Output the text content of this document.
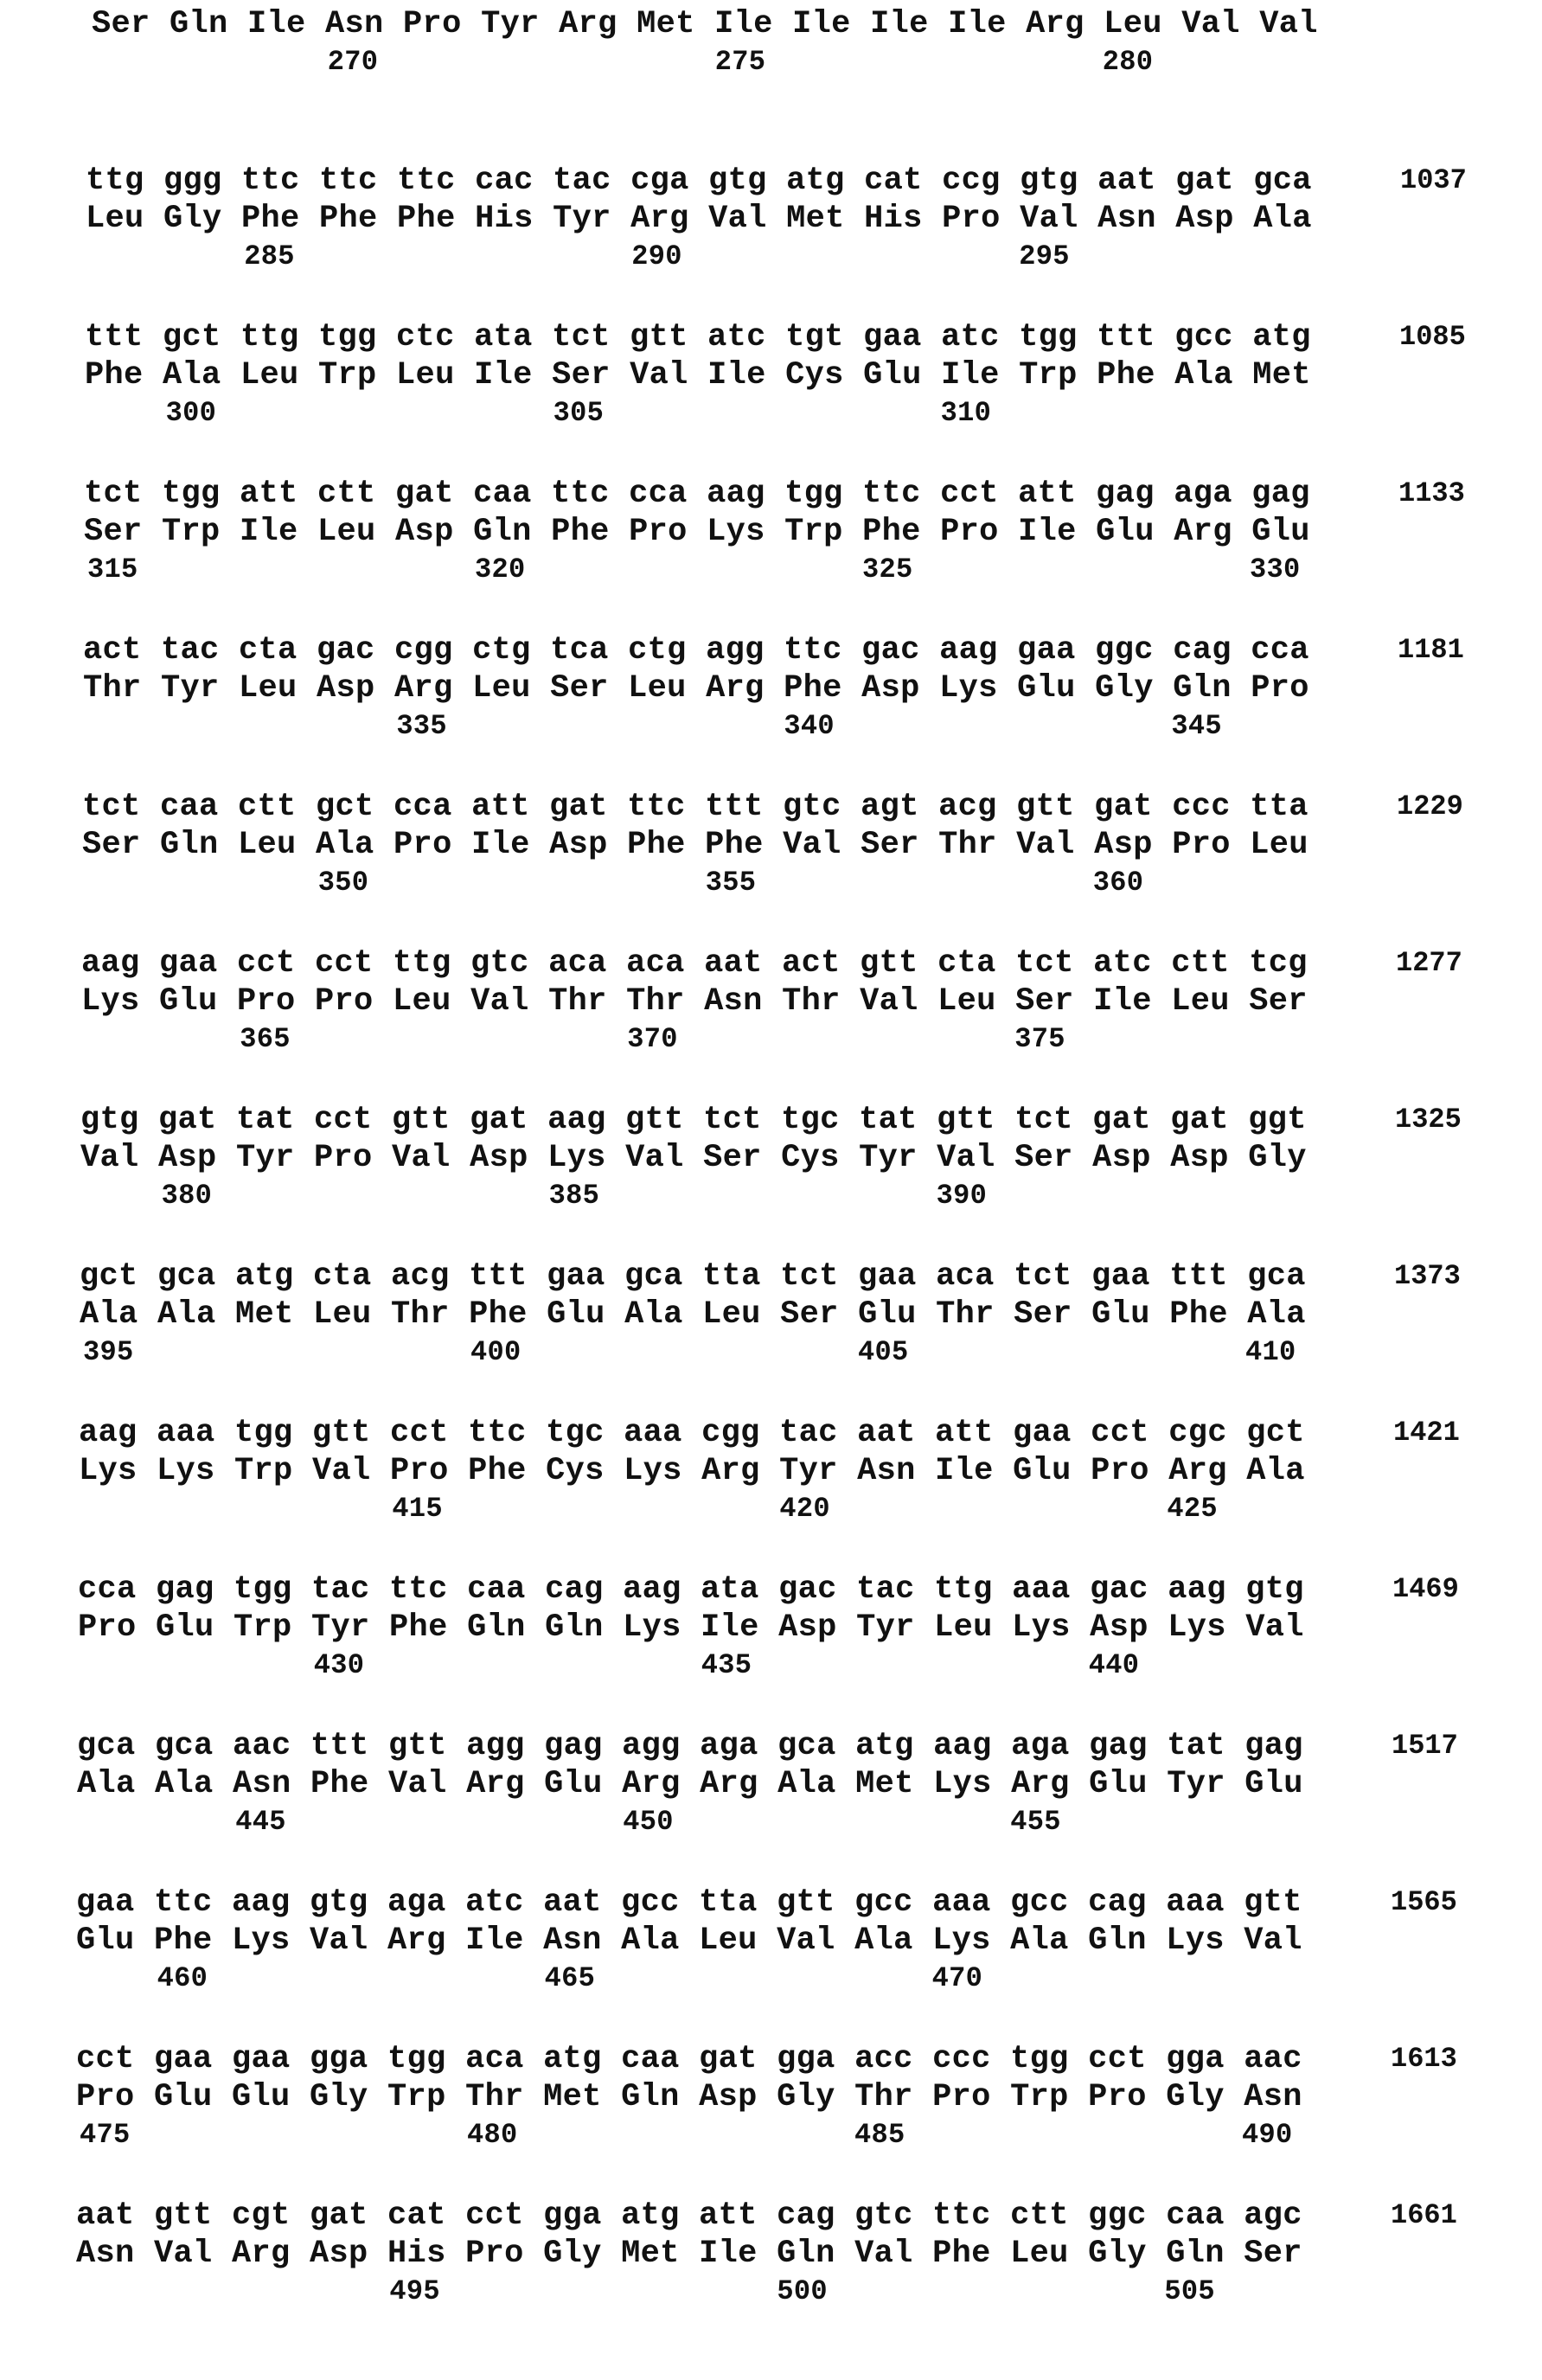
Ser Gln Ile Asn Pro Tyr Arg Met Ile Ile Ile Ile Arg Leu Val Val
270	275	280
ttg ggg ttc ttc ttc cac tac cga gtg atg cat ccg gtg aat gat gca
Leu Gly Phe Phe Phe His Tyr Arg Val Met His Pro Val Asn Asp Ala
285	290	295
1037
ttt gct ttg tgg ctc ata tct gtt atc tgt gaa atc tgg ttt gcc atg
Phe Ala Leu Trp Leu Ile Ser Val Ile Cys Glu Ile Trp Phe Ala Met
300	305	310
1085
tct tgg att ctt gat caa ttc cca aag tgg ttc cct att gag aga gag
Ser Trp Ile Leu Asp Gln Phe Pro Lys Trp Phe Pro Ile Glu Arg Glu
315	320	325	330
1133
act tac cta gac cgg ctg tca ctg agg ttc gac aag gaa ggc cag cca
Thr Tyr Leu Asp Arg Leu Ser Leu Arg Phe Asp Lys Glu Gly Gln Pro
335	340	345
1181
tct caa ctt gct cca att gat ttc ttt gtc agt acg gtt gat ccc tta
Ser Gln Leu Ala Pro Ile Asp Phe Phe Val Ser Thr Val Asp Pro Leu
350	355	360
1229
aag gaa cct cct ttg gtc aca aca aat act gtt cta tct atc ctt tcg
Lys Glu Pro Pro Leu Val Thr Thr Asn Thr Val Leu Ser Ile Leu Ser
365	370	375
1277
gtg gat tat cct gtt gat aag gtt tct tgc tat gtt tct gat gat ggt
Val Asp Tyr Pro Val Asp Lys Val Ser Cys Tyr Val Ser Asp Asp Gly
380	385	390
1325
gct gca atg cta acg ttt gaa gca tta tct gaa aca tct gaa ttt gca
Ala Ala Met Leu Thr Phe Glu Ala Leu Ser Glu Thr Ser Glu Phe Ala
395	400	405	410
1373
aag aaa tgg gtt cct ttc tgc aaa cgg tac aat att gaa cct cgc gct
Lys Lys Trp Val Pro Phe Cys Lys Arg Tyr Asn Ile Glu Pro Arg Ala
415	420	425
1421
cca gag tgg tac ttc caa cag aag ata gac tac ttg aaa gac aag gtg
Pro Glu Trp Tyr Phe Gln Gln Lys Ile Asp Tyr Leu Lys Asp Lys Val
430	435	440
1469
gca gca aac ttt gtt agg gag agg aga gca atg aag aga gag tat gag
Ala Ala Asn Phe Val Arg Glu Arg Arg Ala Met Lys Arg Glu Tyr Glu
445	450	455
1517
gaa ttc aag gtg aga atc aat gcc tta gtt gcc aaa gcc cag aaa gtt
Glu Phe Lys Val Arg Ile Asn Ala Leu Val Ala Lys Ala Gln Lys Val
460	465	470
1565
cct gaa gaa gga tgg aca atg caa gat gga acc ccc tgg cct gga aac
Pro Glu Glu Gly Trp Thr Met Gln Asp Gly Thr Pro Trp Pro Gly Asn
475	480	485	490
1613
aat gtt cgt gat cat cct gga atg att cag gtc ttc ctt ggc caa agc
Asn Val Arg Asp His Pro Gly Met Ile Gln Val Phe Leu Gly Gln Ser
495	500	505
1661
